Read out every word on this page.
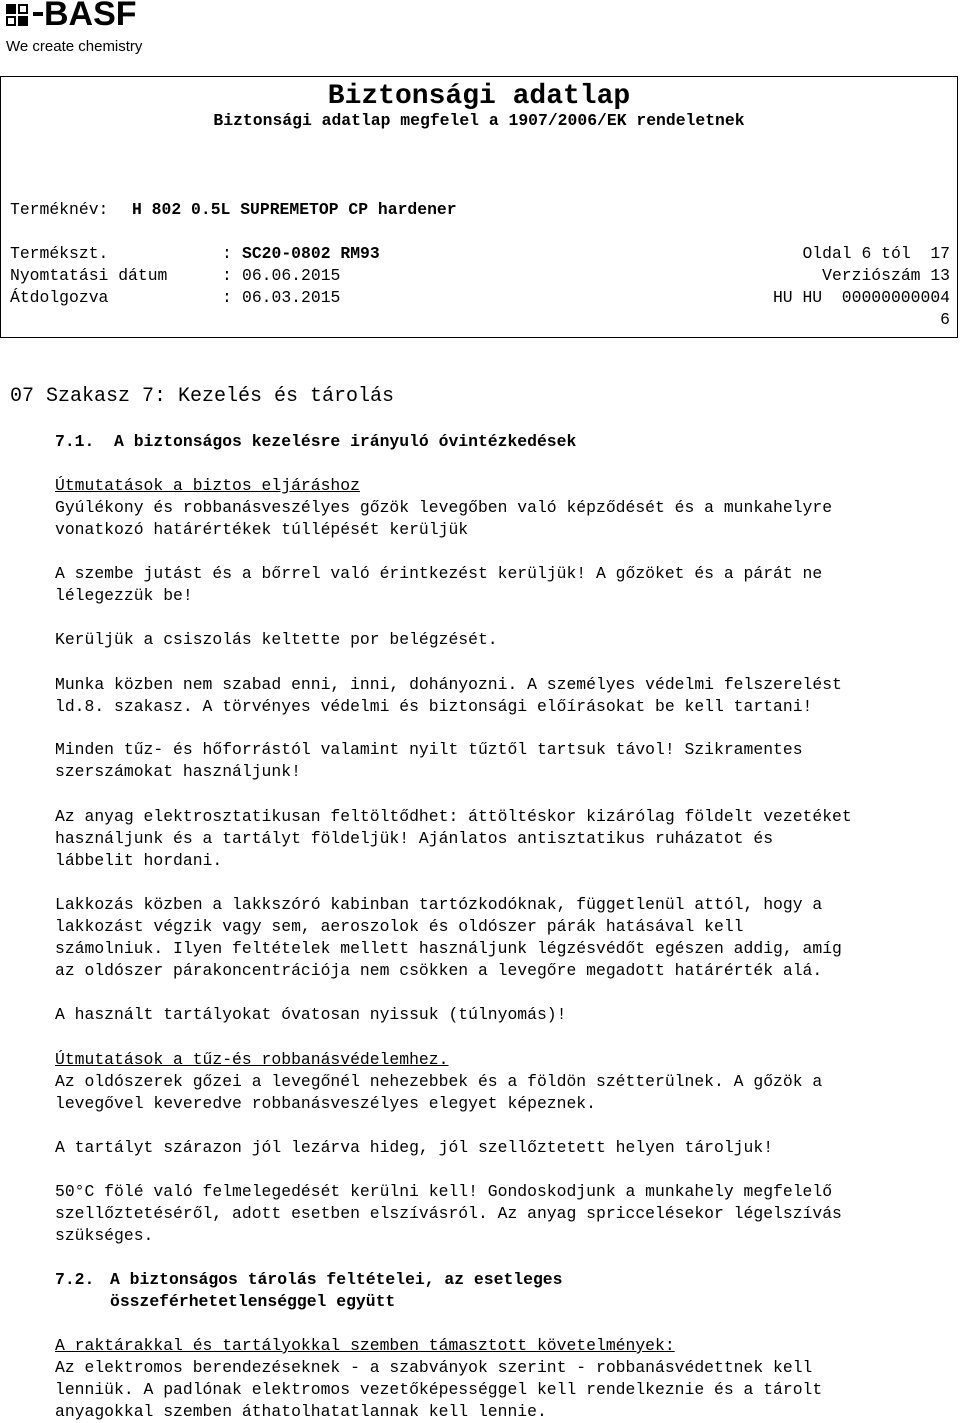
BASF
We create chemistry
Biztonsági adatlap
Biztonsági adatlap megfelel a 1907/2006/EK rendeletnek
Terméknév: H 802 0.5L SUPREMETOP CP hardener
Termékszt.	: SC20-0802 RM93	Oldal 6 tól  17
Nyomtatási dátum	: 06.06.2015	Verziószám 13
Átdolgozva	: 06.03.2015	HU HU  00000000004
6
07 Szakasz 7: Kezelés és tárolás
7.1.  A biztonságos kezelésre irányuló óvintézkedések
Útmutatások a biztos eljáráshoz
Gyúlékony és robbanásveszélyes gőzök levegőben való képződését és a munkahelyre
vonatkozó határértékek túllépését kerüljük
A szembe jutást és a bőrrel való érintkezést kerüljük! A gőzöket és a párát ne
lélegezzük be!
Kerüljük a csiszolás keltette por belégzését.
Munka közben nem szabad enni, inni, dohányozni. A személyes védelmi felszerelést
ld.8. szakasz. A törvényes védelmi és biztonsági előírásokat be kell tartani!
Minden tűz- és hőforrástól valamint nyilt tűztől tartsuk távol! Szikramentes
szerszámokat használjunk!
Az anyag elektrosztatikusan feltöltődhet: áttöltéskor kizárólag földelt vezetéket
használjunk és a tartályt földeljük! Ajánlatos antisztatikus ruházatot és
lábbelit hordani.
Lakkozás közben a lakkszóró kabinban tartózkodóknak, függetlenül attól, hogy a
lakkozást végzik vagy sem, aeroszolok és oldószer párák hatásával kell
számolniuk. Ilyen feltételek mellett használjunk légzésvédőt egészen addig, amíg
az oldószer párakoncentrációja nem csökken a levegőre megadott határérték alá.
A használt tartályokat óvatosan nyissuk (túlnyomás)!
Útmutatások a tűz-és robbanásvédelemhez.
Az oldószerek gőzei a levegőnél nehezebbek és a földön szétterülnek. A gőzök a
levegővel keveredve robbanásveszélyes elegyet képeznek.
A tartályt szárazon jól lezárva hideg, jól szellőztetett helyen tároljuk!
50°C fölé való felmelegedését kerülni kell! Gondoskodjunk a munkahely megfelelő
szellőztetéséről, adott esetben elszívásról. Az anyag spriccelésekor légelszívás
szükséges.
7.2. A biztonságos tárolás feltételei, az esetleges
összeférhetetlenséggel együtt
A raktárakkal és tartályokkal szemben támasztott követelmények:
Az elektromos berendezéseknek - a szabványok szerint - robbanásvédettnek kell
lenniük. A padlónak elektromos vezetőképességgel kell rendelkeznie és a tárolt
anyagokkal szemben áthatolhatatlannak kell lennie.
